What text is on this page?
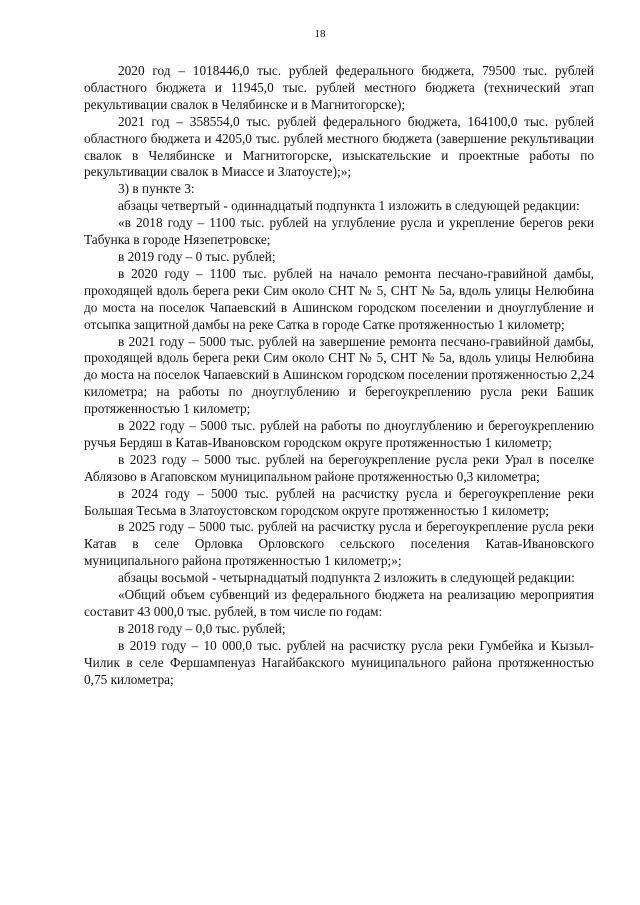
18

2020 год – 1018446,0 тыс. рублей федерального бюджета, 79500 тыс. рублей областного бюджета и 11945,0 тыс. рублей местного бюджета (технический этап рекультивации свалок в Челябинске и в Магнитогорске);

2021 год – 358554,0 тыс. рублей федерального бюджета, 164100,0 тыс. рублей областного бюджета и 4205,0 тыс. рублей местного бюджета (завершение рекультивации свалок в Челябинске и Магнитогорске, изыскательские и проектные работы по рекультивации свалок в Миассе и Златоусте);»;

3) в пункте 3:

абзацы четвертый - одиннадцатый подпункта 1 изложить в следующей редакции:

«в 2018 году – 1100 тыс. рублей на углубление русла и укрепление берегов реки Табунка в городе Нязепетровске;

в 2019 году – 0 тыс. рублей;

в 2020 году – 1100 тыс. рублей на начало ремонта песчано-гравийной дамбы, проходящей вдоль берега реки Сим около СНТ № 5, СНТ № 5а, вдоль улицы Нелюбина до моста на поселок Чапаевский в Ашинском городском поселении и дноуглубление и отсыпка защитной дамбы на реке Сатка в городе Сатке протяженностью 1 километр;

в 2021 году – 5000 тыс. рублей на завершение ремонта песчано-гравийной дамбы, проходящей вдоль берега реки Сим около СНТ № 5, СНТ № 5а, вдоль улицы Нелюбина до моста на поселок Чапаевский в Ашинском городском поселении протяженностью 2,24 километра; на работы по дноуглублению и берегоукреплению русла реки Башик протяженностью 1 километр;

в 2022 году – 5000 тыс. рублей на работы по дноуглублению и берегоукреплению ручья Бердяш в Катав-Ивановском городском округе протяженностью 1 километр;

в 2023 году – 5000 тыс. рублей на берегоукрепление русла реки Урал в поселке Аблязово в Агаповском муниципальном районе протяженностью 0,3 километра;

в 2024 году – 5000 тыс. рублей на расчистку русла и берегоукрепление реки Большая Тесьма в Златоустовском городском округе протяженностью 1 километр;

в 2025 году – 5000 тыс. рублей на расчистку русла и берегоукрепление русла реки Катав в селе Орловка Орловского сельского поселения Катав-Ивановского муниципального района протяженностью 1 километр;»;

абзацы восьмой - четырнадцатый подпункта 2 изложить в следующей редакции:

«Общий объем субвенций из федерального бюджета на реализацию мероприятия составит 43 000,0 тыс. рублей, в том числе по годам:

в 2018 году – 0,0 тыс. рублей;

в 2019 году – 10 000,0 тыс. рублей на расчистку русла реки Гумбейка и Кызыл-Чилик в селе Фершампенуаз Нагайбакского муниципального района протяженностью 0,75 километра;
